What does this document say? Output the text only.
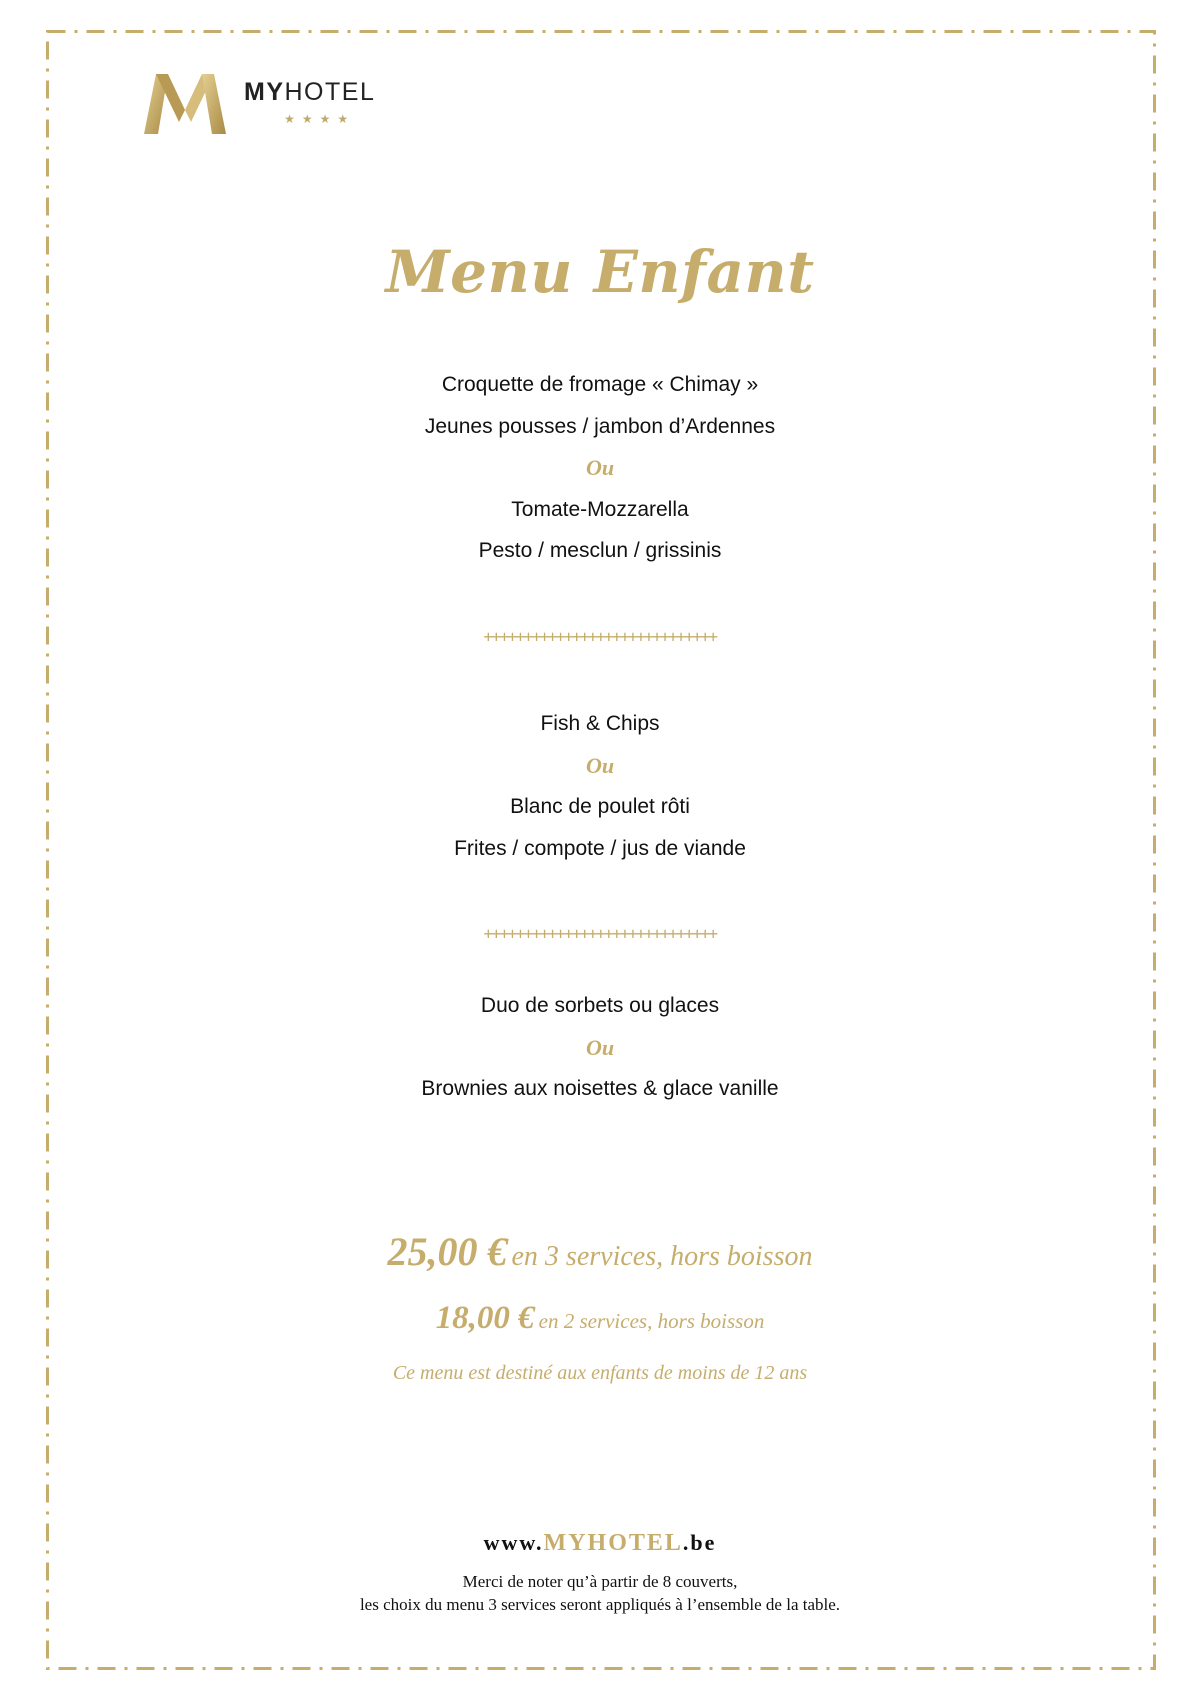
MYHOTEL
★★★★
Menu Enfant
Croquette de fromage « Chimay »
Jeunes pousses / jambon d’Ardennes
Ou
Tomate-Mozzarella
Pesto / mesclun / grissinis
+++++++++++++++++++++++++++++
Fish & Chips
Ou
Blanc de poulet rôti
Frites / compote / jus de viande
+++++++++++++++++++++++++++++
Duo de sorbets ou glaces
Ou
Brownies aux noisettes & glace vanille
25,00 € en 3 services, hors boisson
18,00 € en 2 services, hors boisson
Ce menu est destiné aux enfants de moins de 12 ans
www.MYHOTEL.be
Merci de noter qu’à partir de 8 couverts,
les choix du menu 3 services seront appliqués à l’ensemble de la table.
